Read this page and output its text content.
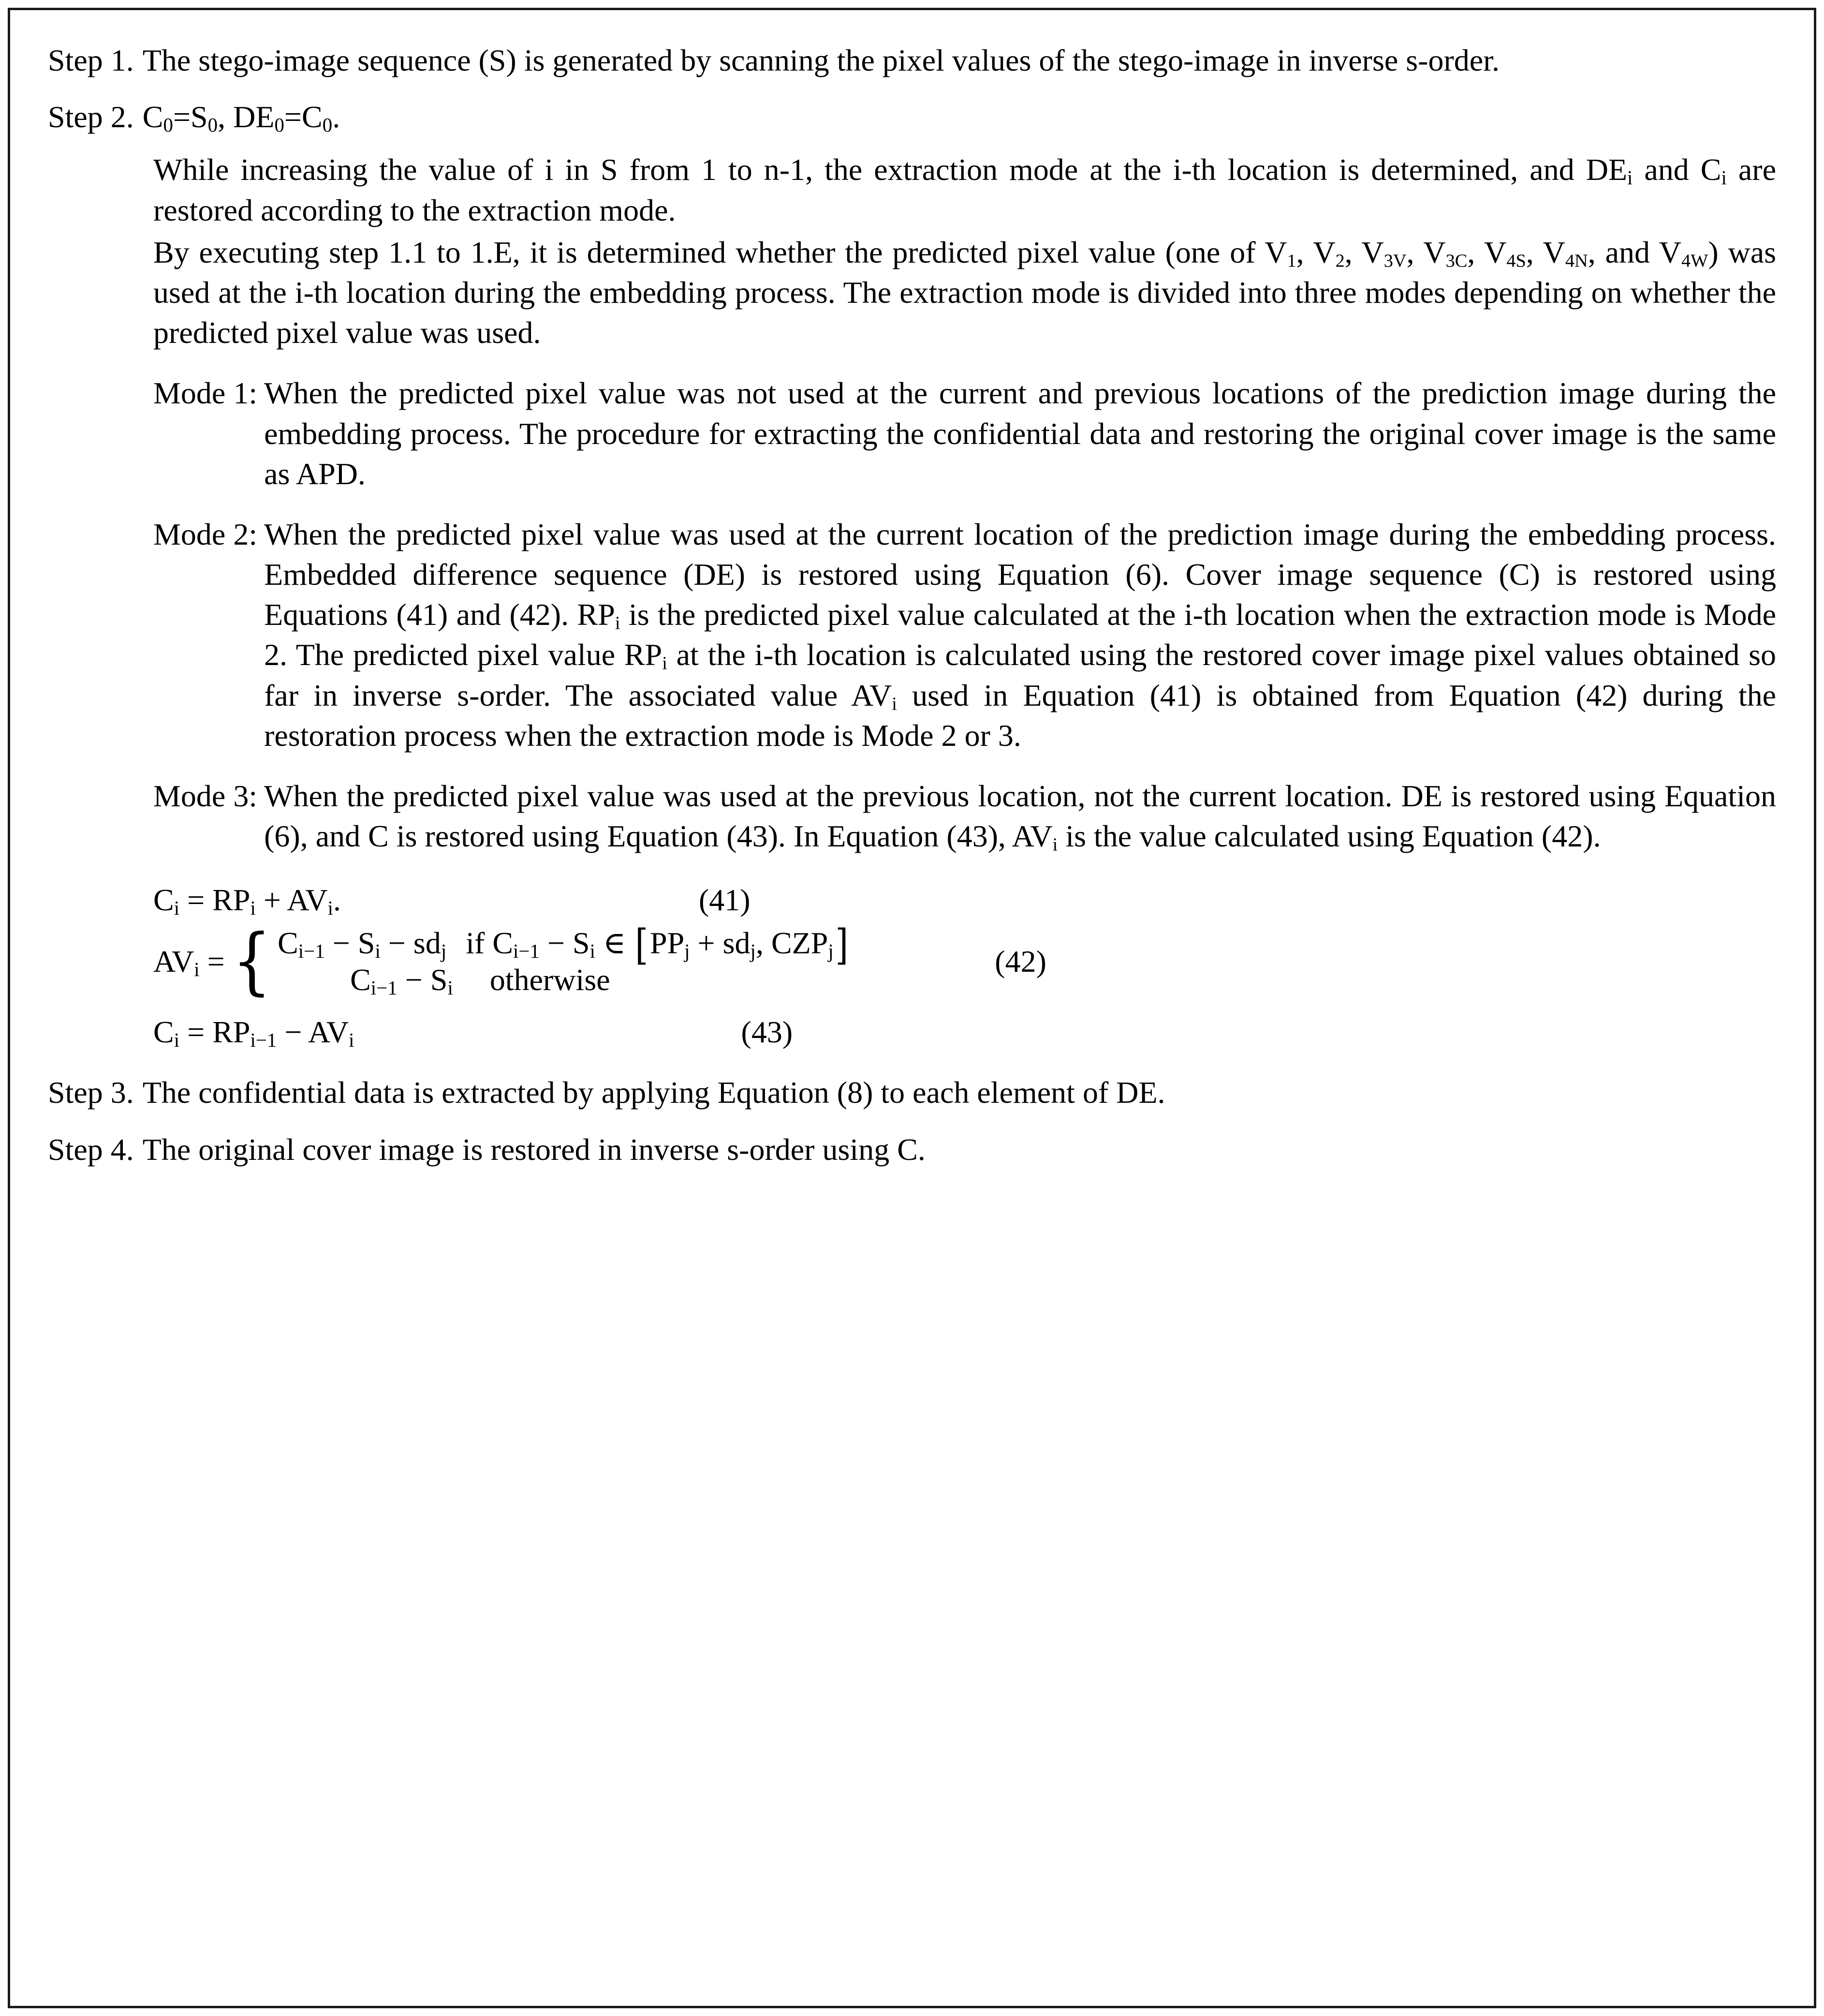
Step 1. The stego-image sequence (S) is generated by scanning the pixel values of the stego-image in inverse s-order.
Step 2. $C_0=S_0$, $DE_0=C_0$.
While increasing the value of i in S from 1 to n-1, the extraction mode at the i-th location is determined, and $DE_i$ and $C_i$ are restored according to the extraction mode.
By executing step 1.1 to 1.E, it is determined whether the predicted pixel value (one of $V_1$, $V_2$, $V_{3V}$, $V_{3C}$, $V_{4S}$, $V_{4N}$, and $V_{4W}$) was used at the i-th location during the embedding process. The extraction mode is divided into three modes depending on whether the predicted pixel value was used.
Mode 1: When the predicted pixel value was not used at the current and previous locations of the prediction image during the embedding process. The procedure for extracting the confidential data and restoring the original cover image is the same as APD.
Mode 2: When the predicted pixel value was used at the current location of the prediction image during the embedding process. Embedded difference sequence (DE) is restored using Equation (6). Cover image sequence (C) is restored using Equations (41) and (42). $RP_i$ is the predicted pixel value calculated at the i-th location when the extraction mode is Mode 2. The predicted pixel value $RP_i$ at the i-th location is calculated using the restored cover image pixel values obtained so far in inverse s-order. The associated value $AV_i$ used in Equation (41) is obtained from Equation (42) during the restoration process when the extraction mode is Mode 2 or 3.
Mode 3: When the predicted pixel value was used at the previous location, not the current location. DE is restored using Equation (6), and C is restored using Equation (43). In Equation (43), $AV_i$ is the value calculated using Equation (42).
$C_i = RP_i + AV_i$.	(41)
$AV_i$ = { $C_{i-1} - S_i - sd_j$ if $C_{i-1} - S_i$ ∈ [$PP_j + sd_j$, $CZP_j$]
$C_{i-1} - S_i$ otherwise
(42)
$C_i = RP_{i-1} - AV_i$	(43)
Step 3. The confidential data is extracted by applying Equation (8) to each element of DE.
Step 4. The original cover image is restored in inverse s-order using C.
